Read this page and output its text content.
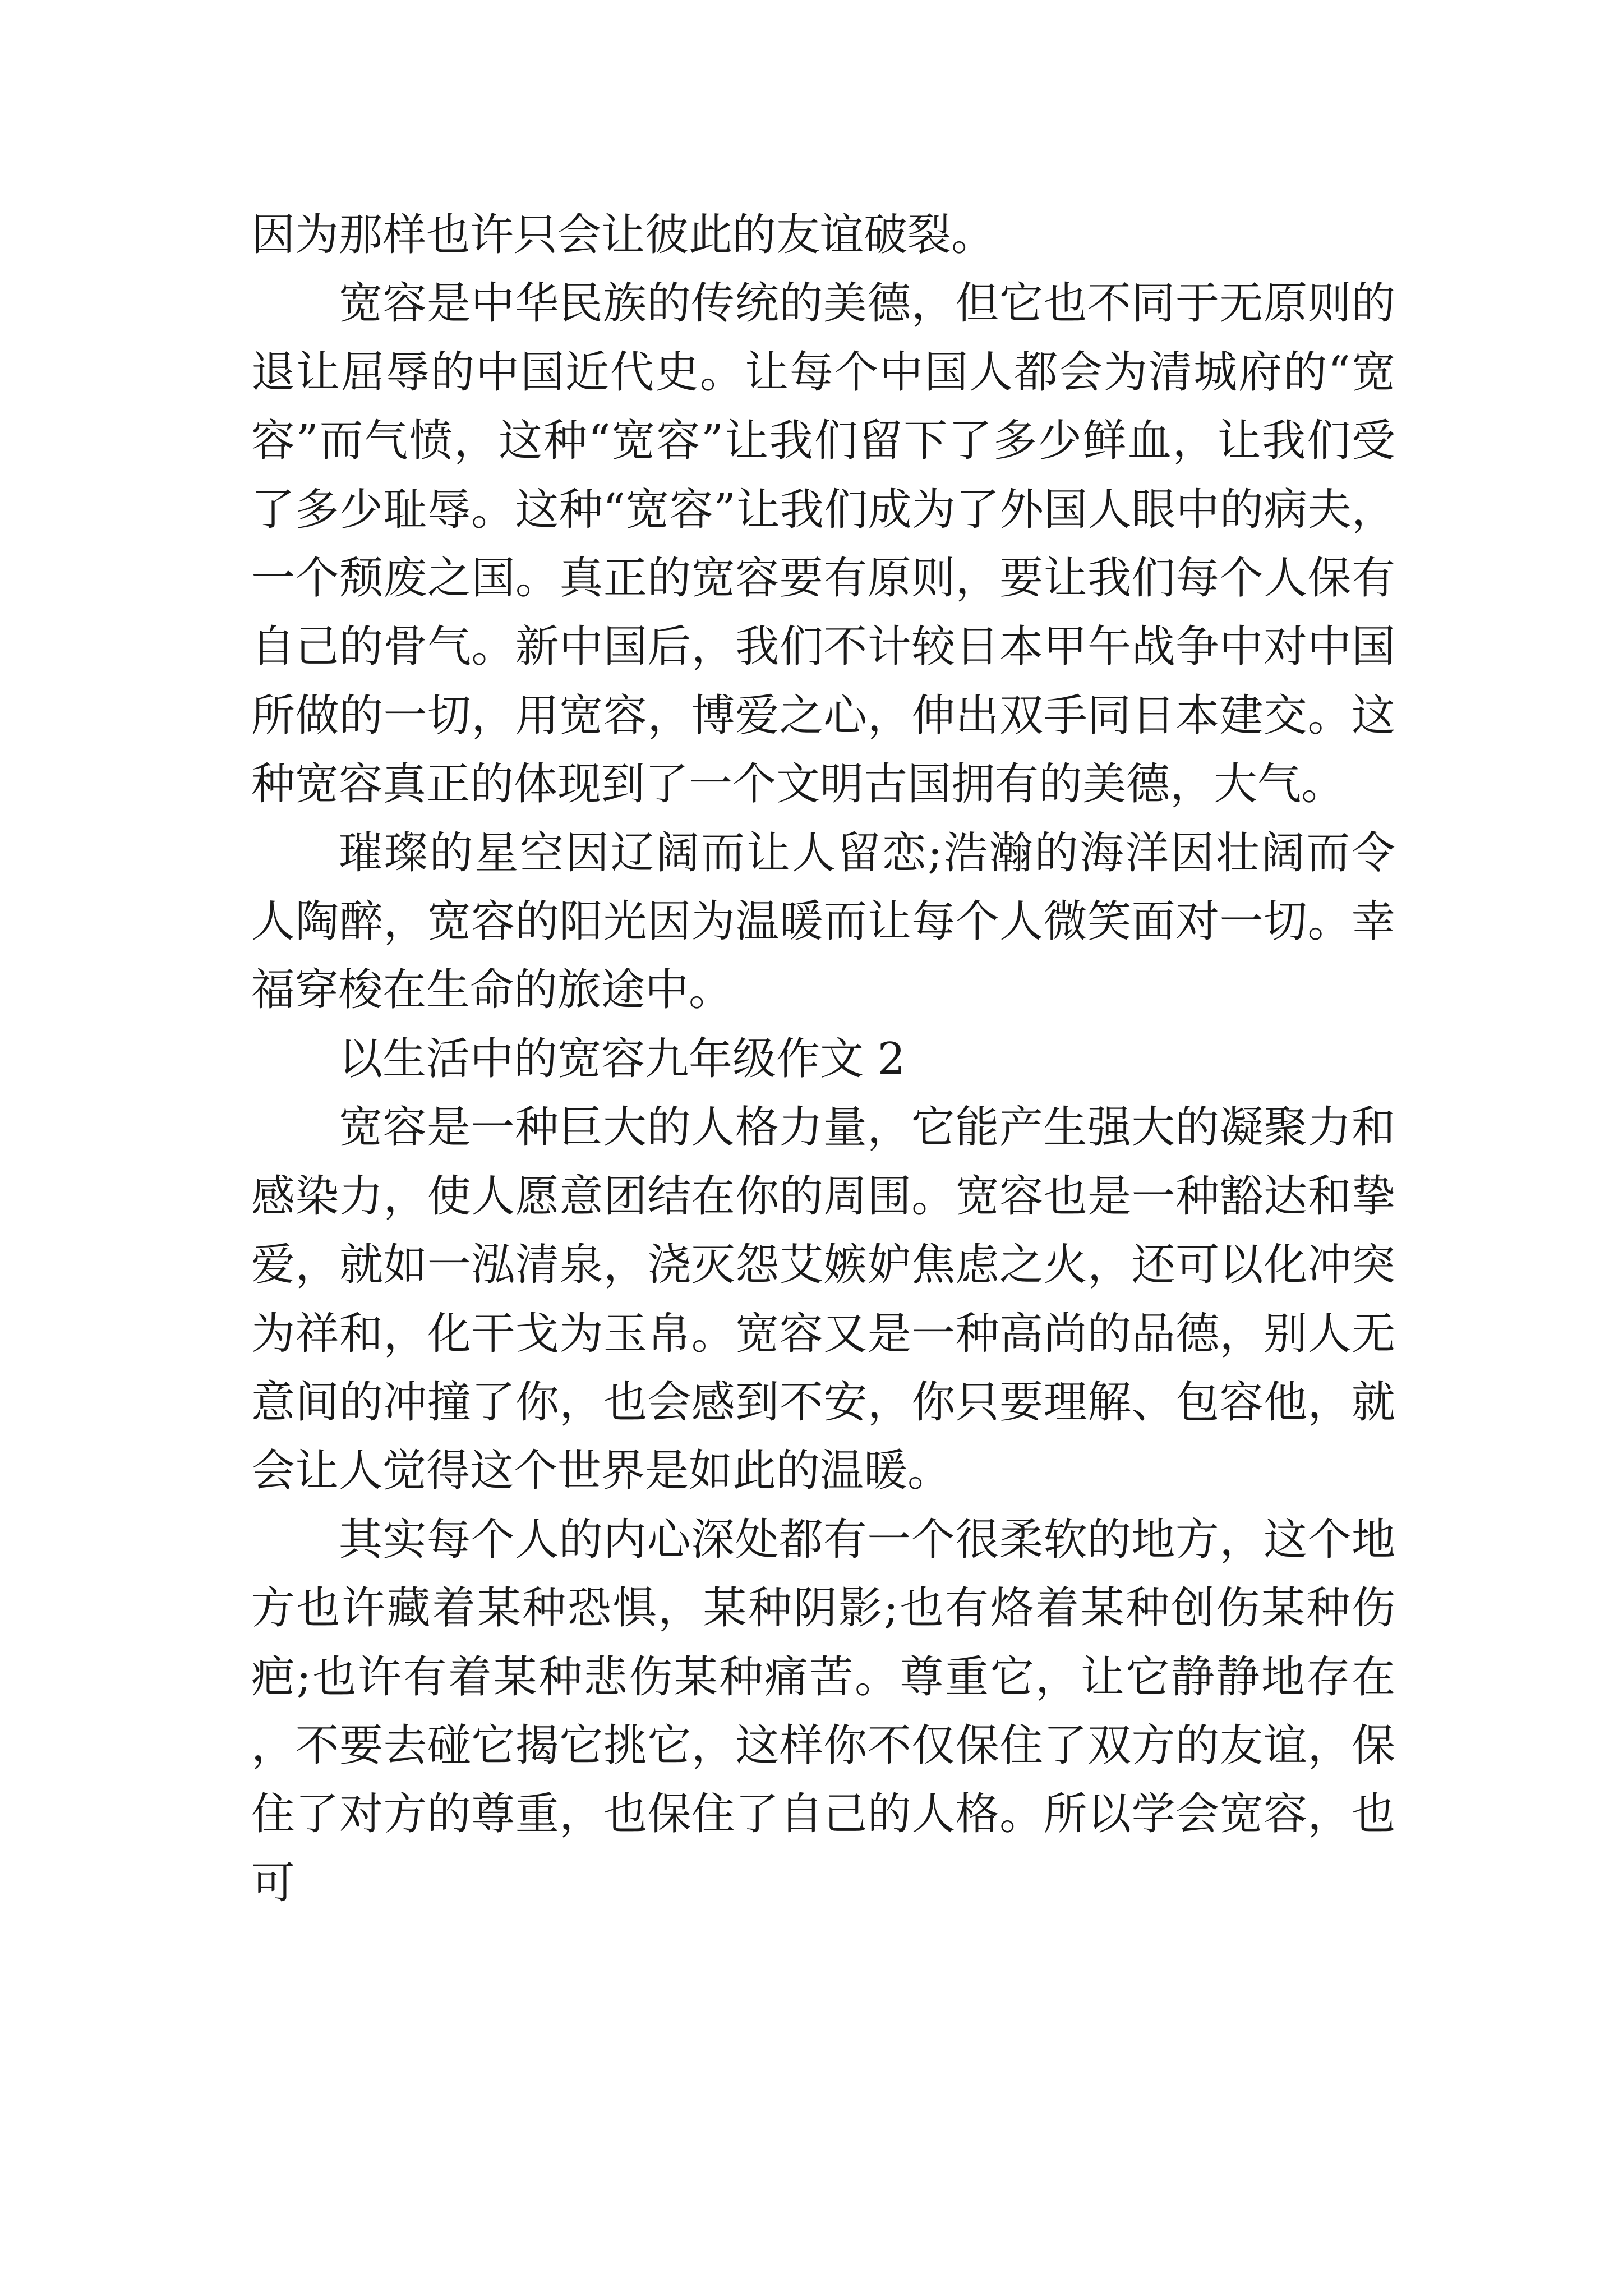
因为那样也许只会让彼此的友谊破裂。

宽容是中华民族的传统的美德，但它也不同于无原则的退让屈辱的中国近代史。让每个中国人都会为清城府的“宽容”而气愤，这种“宽容”让我们留下了多少鲜血，让我们受了多少耻辱。这种“宽容”让我们成为了外国人眼中的病夫，一个颓废之国。真正的宽容要有原则，要让我们每个人保有自己的骨气。新中国后，我们不计较日本甲午战争中对中国所做的一切，用宽容，博爱之心，伸出双手同日本建交。这种宽容真正的体现到了一个文明古国拥有的美德，大气。

璀璨的星空因辽阔而让人留恋;浩瀚的海洋因壮阔而令人陶醉，宽容的阳光因为温暖而让每个人微笑面对一切。幸福穿梭在生命的旅途中。

以生活中的宽容九年级作文 2

宽容是一种巨大的人格力量，它能产生强大的凝聚力和感染力，使人愿意团结在你的周围。宽容也是一种豁达和挚爱，就如一泓清泉，浇灭怨艾嫉妒焦虑之火，还可以化冲突为祥和，化干戈为玉帛。宽容又是一种高尚的品德，别人无意间的冲撞了你，也会感到不安，你只要理解、包容他，就会让人觉得这个世界是如此的温暖。

其实每个人的内心深处都有一个很柔软的地方，这个地方也许藏着某种恐惧，某种阴影;也有烙着某种创伤某种伤疤;也许有着某种悲伤某种痛苦。尊重它，让它静静地存在，不要去碰它揭它挑它，这样你不仅保住了双方的友谊，保住了对方的尊重，也保住了自己的人格。所以学会宽容，也可
